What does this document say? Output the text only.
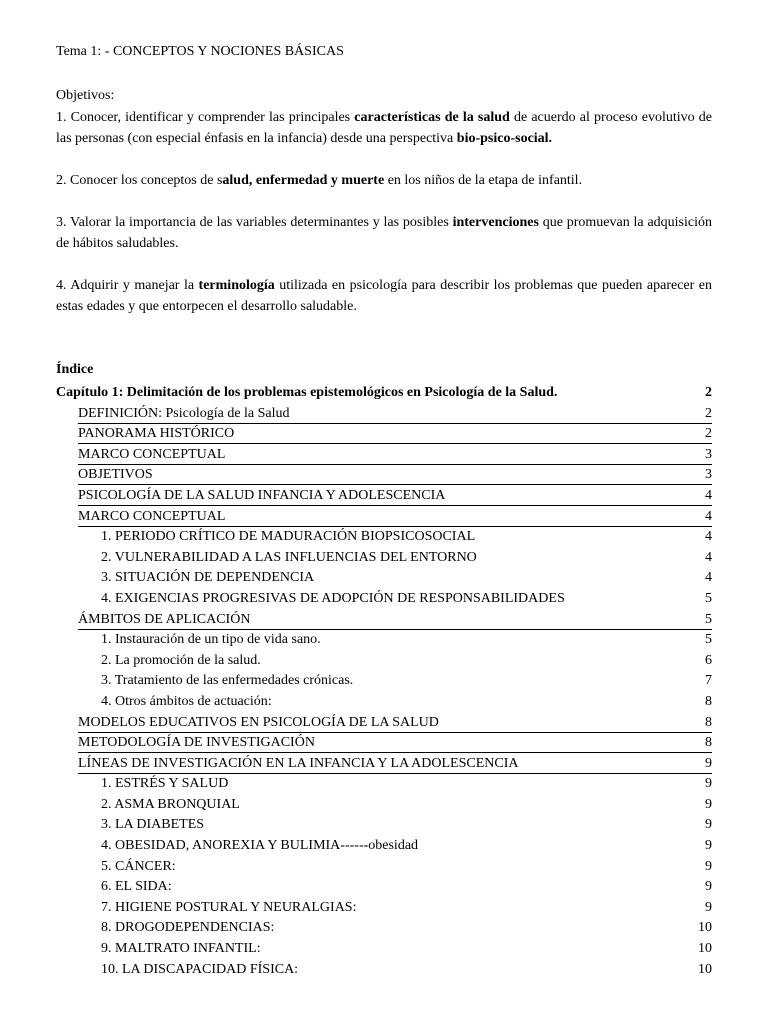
Tema 1: - CONCEPTOS Y NOCIONES BÁSICAS
Objetivos:

1. Conocer, identificar y comprender las principales características de la salud de acuerdo al proceso evolutivo de las personas (con especial énfasis en la infancia) desde una perspectiva bio-psico-social.

2. Conocer los conceptos de salud, enfermedad y muerte en los niños de la etapa de infantil.

3. Valorar la importancia de las variables determinantes y las posibles intervenciones que promuevan la adquisición de hábitos saludables.

4. Adquirir y manejar la terminología utilizada en psicología para describir los problemas que pueden aparecer en estas edades y que entorpecen el desarrollo saludable.

Índice
Capítulo 1: Delimitación de los problemas epistemológicos en Psicología de la Salud.	2
DEFINICIÓN: Psicología de la Salud	2
PANORAMA HISTÓRICO	2
MARCO CONCEPTUAL	3
OBJETIVOS	3
PSICOLOGÍA DE LA SALUD INFANCIA Y ADOLESCENCIA	4
MARCO CONCEPTUAL	4
1. PERIODO CRÍTICO DE MADURACIÓN BIOPSICOSOCIAL	4
2. VULNERABILIDAD A LAS INFLUENCIAS DEL ENTORNO	4
3. SITUACIÓN DE DEPENDENCIA	4
4. EXIGENCIAS PROGRESIVAS DE ADOPCIÓN DE RESPONSABILIDADES	5
ÁMBITOS DE APLICACIÓN	5
1. Instauración de un tipo de vida sano.	5
2. La promoción de la salud.	6
3. Tratamiento de las enfermedades crónicas.	7
4. Otros ámbitos de actuación:	8
MODELOS EDUCATIVOS EN PSICOLOGÍA DE LA SALUD	8
METODOLOGÍA DE INVESTIGACIÓN	8
LÍNEAS DE INVESTIGACIÓN EN LA INFANCIA Y LA ADOLESCENCIA	9
1. ESTRÉS Y SALUD	9
2. ASMA BRONQUIAL	9
3. LA DIABETES	9
4. OBESIDAD, ANOREXIA Y BULIMIA------obesidad	9
5. CÁNCER:	9
6. EL SIDA:	9
7. HIGIENE POSTURAL Y NEURALGIAS:	9
8. DROGODEPENDENCIAS:	10
9. MALTRATO INFANTIL:	10
10. LA DISCAPACIDAD FÍSICA:	10
